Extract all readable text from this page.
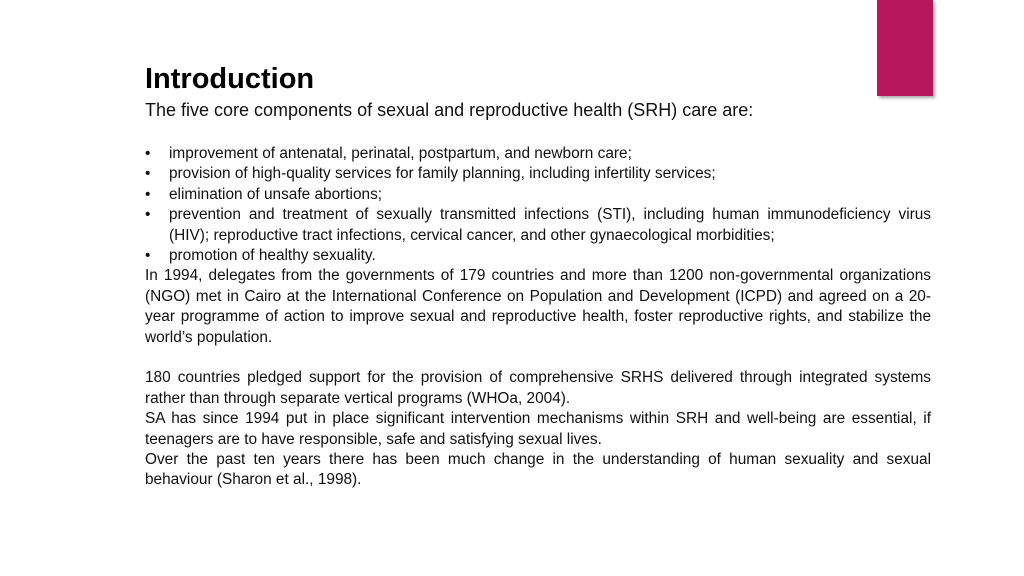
Introduction

The five core components of sexual and reproductive health (SRH) care are:

•	improvement of antenatal, perinatal, postpartum, and newborn care;
•	provision of high-quality services for family planning, including infertility services;
•	elimination of unsafe abortions;
•	prevention and treatment of sexually transmitted infections (STI), including human immunodeficiency virus (HIV); reproductive tract infections, cervical cancer, and other gynaecological morbidities;
•	promotion of healthy sexuality.

In 1994, delegates from the governments of 179 countries and more than 1200 non-governmental organizations (NGO) met in Cairo at the International Conference on Population and Development (ICPD) and agreed on a 20-year programme of action to improve sexual and reproductive health, foster reproductive rights, and stabilize the world’s population.

180 countries pledged support for the provision of comprehensive SRHS delivered through integrated systems rather than through separate vertical programs (WHOa, 2004).

SA has since 1994 put in place significant intervention mechanisms within SRH and well-being are essential, if teenagers are to have responsible, safe and satisfying sexual lives.

Over the past ten years there has been much change in the understanding of human sexuality and sexual behaviour (Sharon et al., 1998).
